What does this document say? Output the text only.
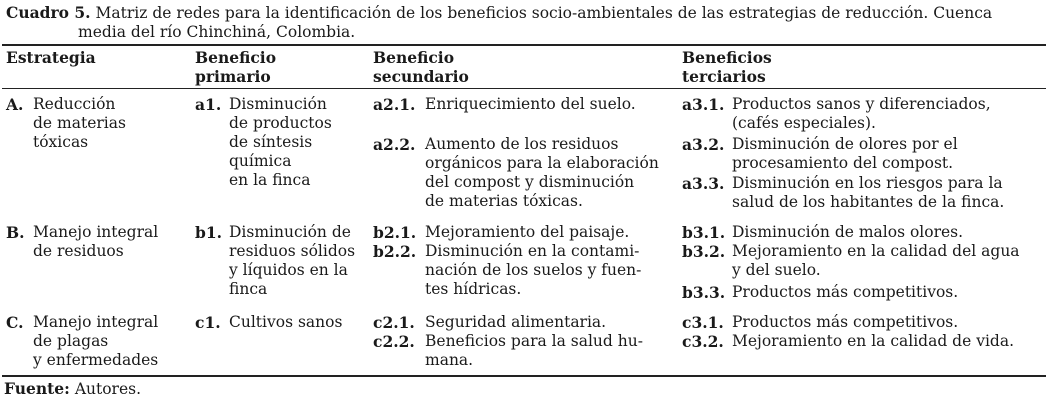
Cuadro 5. Matriz de redes para la identificación de los beneficios socio-ambientales de las estrategias de reducción. Cuenca
media del río Chinchiná, Colombia.
Estrategia	Beneficio
primario
Beneficio
secundario
Beneficios
terciarios
A. Reducción
de materias
tóxicas
a1. Disminución
de productos
de síntesis
química
en la finca
a2.1. Enriquecimiento del suelo.
a2.2. Aumento de los residuos
orgánicos para la elaboración
del compost y disminución
de materias tóxicas.
a3.1. Productos sanos y diferenciados,
(cafés especiales).
a3.2. Disminución de olores por el
procesamiento del compost.
a3.3. Disminución en los riesgos para la
salud de los habitantes de la finca.
B. Manejo integral
de residuos
b1. Disminución de
residuos sólidos
y líquidos en la
finca
b2.1. Mejoramiento del paisaje.
b2.2. Disminución en la contami-
nación de los suelos y fuen-
tes hídricas.
b3.1. Disminución de malos olores.
b3.2. Mejoramiento en la calidad del agua
y del suelo.
b3.3. Productos más competitivos.
C. Manejo integral
de plagas
y enfermedades
c1. Cultivos sanos	c2.1. Seguridad alimentaria.
c2.2. Beneficios para la salud hu-
mana.
c3.1. Productos más competitivos.
c3.2. Mejoramiento en la calidad de vida.
Fuente: Autores.
